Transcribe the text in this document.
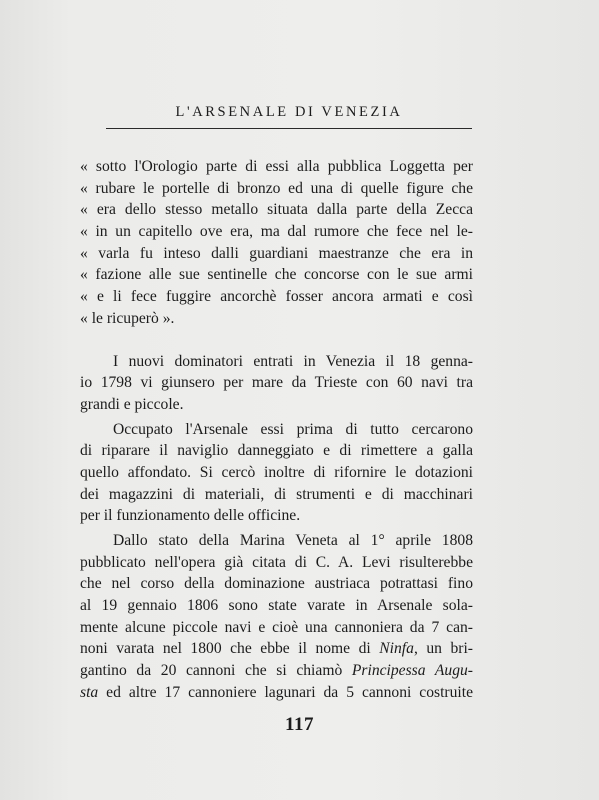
L'ARSENALE DI VENEZIA
« sotto l'Orologio parte di essi alla pubblica Loggetta per
« rubare le portelle di bronzo ed una di quelle figure che
« era dello stesso metallo situata dalla parte della Zecca
« in un capitello ove era, ma dal rumore che fece nel le-
« varla fu inteso dalli guardiani maestranze che era in
« fazione alle sue sentinelle che concorse con le sue armi
« e li fece fuggire ancorchè fosser ancora armati e così
« le ricuperò ».
I nuovi dominatori entrati in Venezia il 18 genna-
io 1798 vi giunsero per mare da Trieste con 60 navi tra
grandi e piccole.
Occupato l'Arsenale essi prima di tutto cercarono
di riparare il naviglio danneggiato e di rimettere a galla
quello affondato. Si cercò inoltre di rifornire le dotazioni
dei magazzini di materiali, di strumenti e di macchinari
per il funzionamento delle officine.
Dallo stato della Marina Veneta al 1° aprile 1808
pubblicato nell'opera già citata di C. A. Levi risulterebbe
che nel corso della dominazione austriaca potrattasi fino
al 19 gennaio 1806 sono state varate in Arsenale sola-
mente alcune piccole navi e cioè una cannoniera da 7 can-
noni varata nel 1800 che ebbe il nome di Ninfa, un bri-
gantino da 20 cannoni che si chiamò Principessa Augu-
sta ed altre 17 cannoniere lagunari da 5 cannoni costruite
117
